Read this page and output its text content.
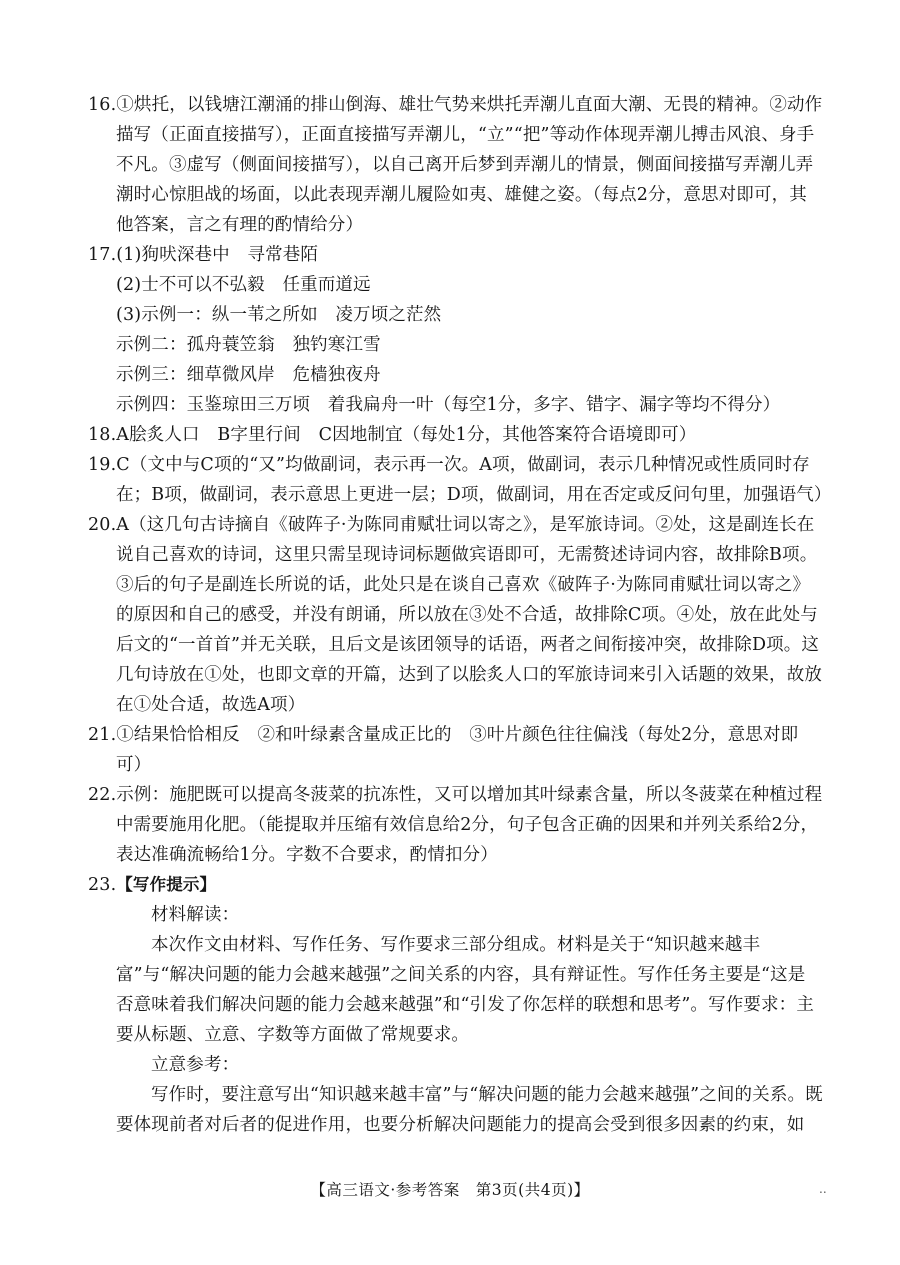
16.①烘托，以钱塘江潮涌的排山倒海、雄壮气势来烘托弄潮儿直面大潮、无畏的精神。②动作描写（正面直接描写），正面直接描写弄潮儿，“立”“把”等动作体现弄潮儿搏击风浪、身手不凡。③虚写（侧面间接描写），以自己离开后梦到弄潮儿的情景，侧面间接描写弄潮儿弄潮时心惊胆战的场面，以此表现弄潮儿履险如夷、雄健之姿。（每点2分，意思对即可，其他答案，言之有理的酌情给分）

17.(1)狗吠深巷中　寻常巷陌

(2)士不可以不弘毅　任重而道远

(3)示例一：纵一苇之所如　凌万顷之茫然

示例二：孤舟蓑笠翁　独钓寒江雪

示例三：细草微风岸　危樯独夜舟

示例四：玉鉴琼田三万顷　着我扁舟一叶（每空1分，多字、错字、漏字等均不得分）

18.A脍炙人口　B字里行间　C因地制宜（每处1分，其他答案符合语境即可）

19.C（文中与C项的“又”均做副词，表示再一次。A项，做副词，表示几种情况或性质同时存在；B项，做副词，表示意思上更进一层；D项，做副词，用在否定或反问句里，加强语气）

20.A（这几句古诗摘自《破阵子·为陈同甫赋壮词以寄之》，是军旅诗词。②处，这是副连长在说自己喜欢的诗词，这里只需呈现诗词标题做宾语即可，无需赘述诗词内容，故排除B项。③后的句子是副连长所说的话，此处只是在谈自己喜欢《破阵子·为陈同甫赋壮词以寄之》的原因和自己的感受，并没有朗诵，所以放在③处不合适，故排除C项。④处，放在此处与后文的“一首首”并无关联，且后文是该团领导的话语，两者之间衔接冲突，故排除D项。这几句诗放在①处，也即文章的开篇，达到了以脍炙人口的军旅诗词来引入话题的效果，故放在①处合适，故选A项）

21.①结果恰恰相反　②和叶绿素含量成正比的　③叶片颜色往往偏浅（每处2分，意思对即可）

22.示例：施肥既可以提高冬菠菜的抗冻性，又可以增加其叶绿素含量，所以冬菠菜在种植过程中需要施用化肥。（能提取并压缩有效信息给2分，句子包含正确的因果和并列关系给2分，表达准确流畅给1分。字数不合要求，酌情扣分）

23.【写作提示】

材料解读：

本次作文由材料、写作任务、写作要求三部分组成。材料是关于“知识越来越丰富”与“解决问题的能力会越来越强”之间关系的内容，具有辩证性。写作任务主要是“这是否意味着我们解决问题的能力会越来越强”和“引发了你怎样的联想和思考”。写作要求：主要从标题、立意、字数等方面做了常规要求。

立意参考：

写作时，要注意写出“知识越来越丰富”与“解决问题的能力会越来越强”之间的关系。既要体现前者对后者的促进作用，也要分析解决问题能力的提高会受到很多因素的约束，如

【高三语文·参考答案　第3页(共4页)】	..
